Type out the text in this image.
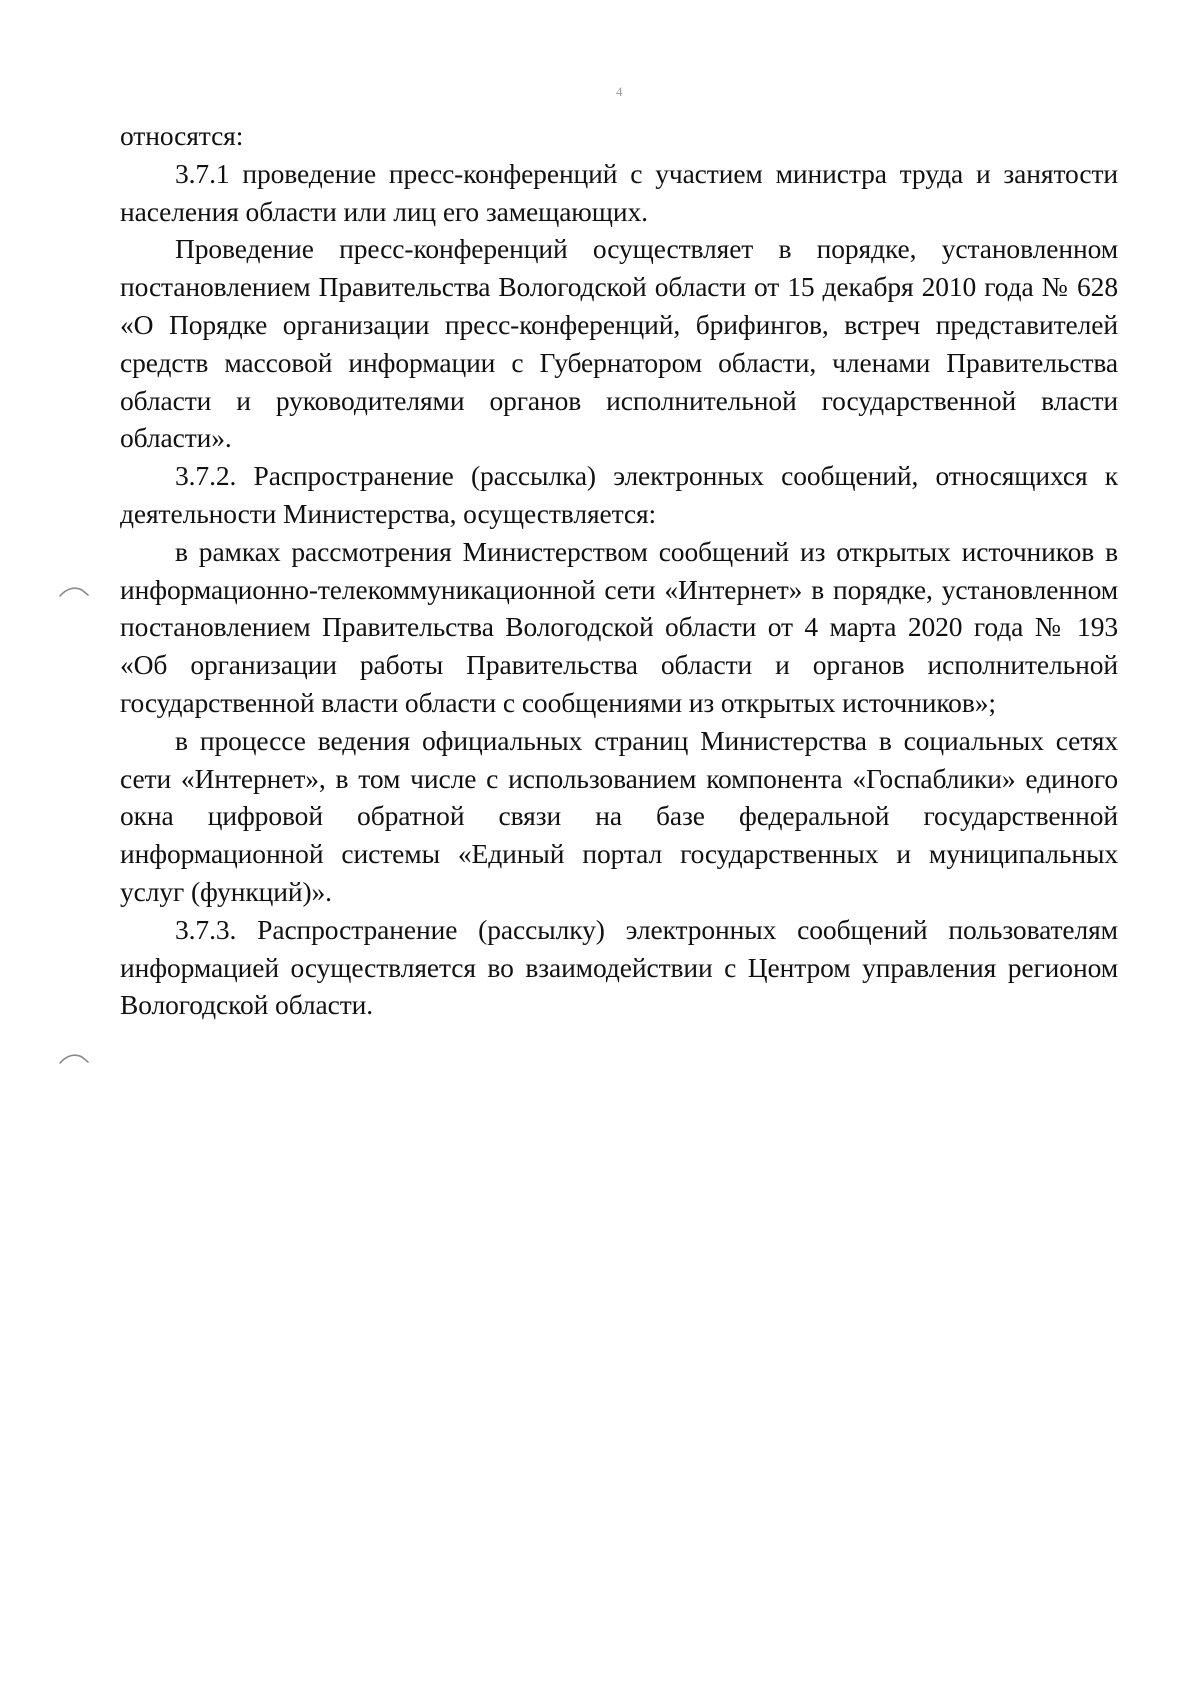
4

относятся:

3.7.1 проведение пресс-конференций с участием министра труда и занятости населения области или лиц его замещающих.

Проведение пресс-конференций осуществляет в порядке, установленном постановлением Правительства Вологодской области от 15 декабря 2010 года № 628 «О Порядке организации пресс-конференций, брифингов, встреч представителей средств массовой информации с Губернатором области, членами Правительства области и руководителями органов исполнительной государственной власти области».

3.7.2. Распространение (рассылка) электронных сообщений, относящихся к деятельности Министерства, осуществляется:

в рамках рассмотрения Министерством сообщений из открытых источников в информационно-телекоммуникационной сети «Интернет» в порядке, установленном постановлением Правительства Вологодской области от 4 марта 2020 года № 193 «Об организации работы Правительства области и органов исполнительной государственной власти области с сообщениями из открытых источников»;

в процессе ведения официальных страниц Министерства в социальных сетях сети «Интернет», в том числе с использованием компонента «Госпаблики» единого окна цифровой обратной связи на базе федеральной государственной информационной системы «Единый портал государственных и муниципальных услуг (функций)».

3.7.3. Распространение (рассылку) электронных сообщений пользователям информацией осуществляется во взаимодействии с Центром управления регионом Вологодской области.
